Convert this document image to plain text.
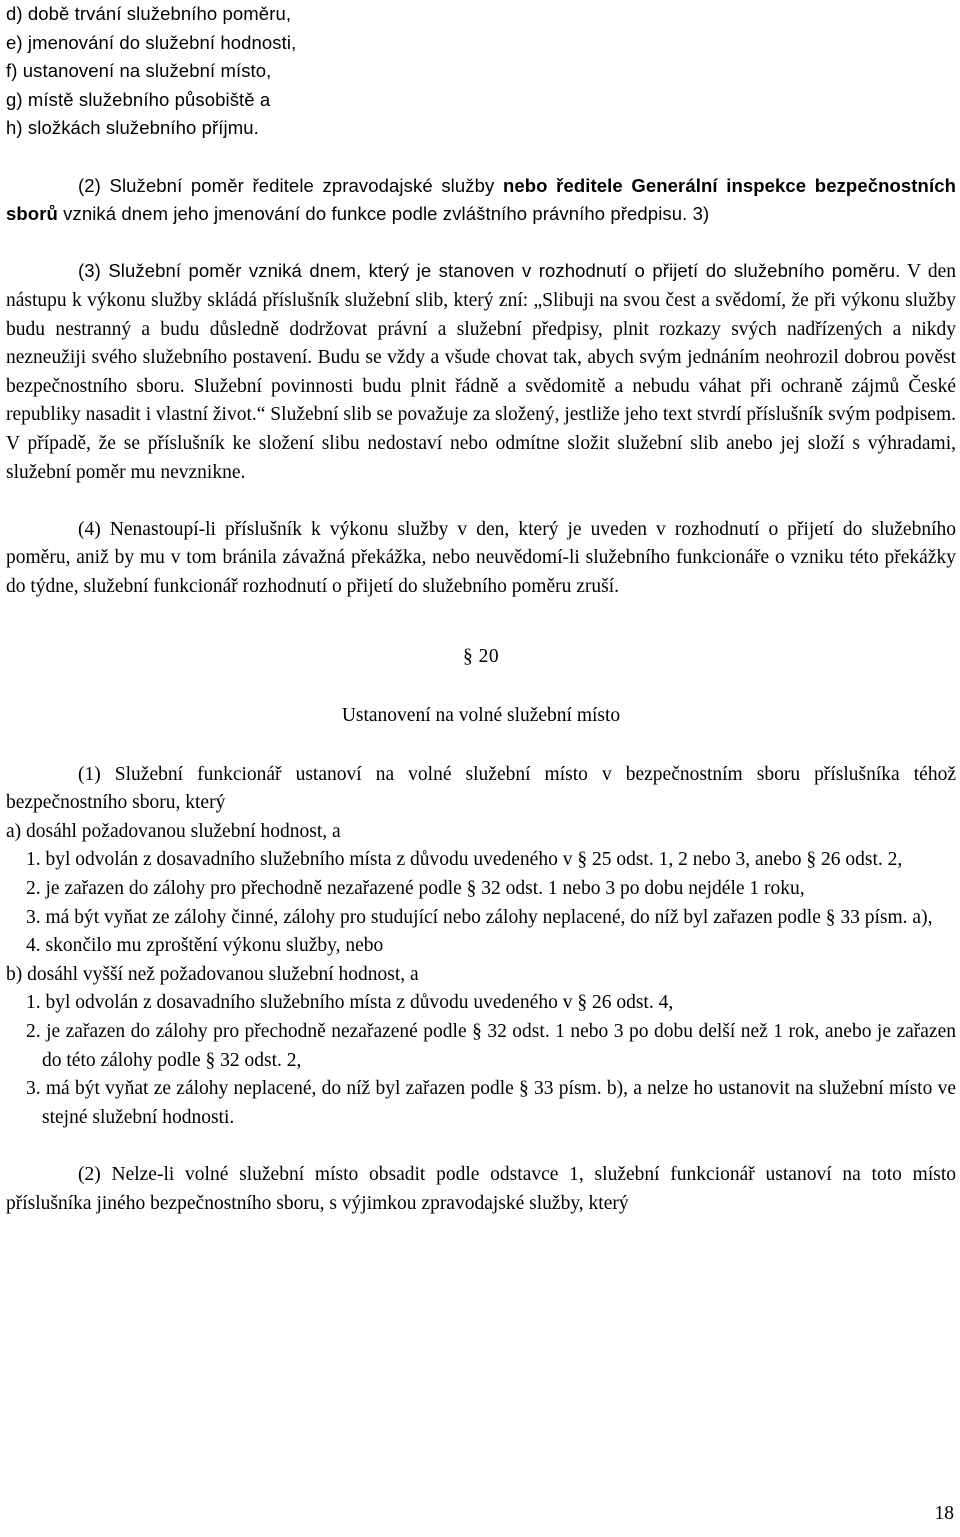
d) době trvání služebního poměru,

e) jmenování do služební hodnosti,

f) ustanovení na služební místo,

g) místě služebního působiště a

h) složkách služebního příjmu.

(2) Služební poměr ředitele zpravodajské služby nebo ředitele Generální inspekce bezpečnostních sborů vzniká dnem jeho jmenování do funkce podle zvláštního právního předpisu. 3)

(3) Služební poměr vzniká dnem, který je stanoven v rozhodnutí o přijetí do služebního poměru. V den nástupu k výkonu služby skládá příslušník služební slib, který zní: „Slibuji na svou čest a svědomí, že při výkonu služby budu nestranný a budu důsledně dodržovat právní a služební předpisy, plnit rozkazy svých nadřízených a nikdy nezneužiji svého služebního postavení. Budu se vždy a všude chovat tak, abych svým jednáním neohrozil dobrou pověst bezpečnostního sboru. Služební povinnosti budu plnit řádně a svědomitě a nebudu váhat při ochraně zájmů České republiky nasadit i vlastní život.“ Služební slib se považuje za složený, jestliže jeho text stvrdí příslušník svým podpisem. V případě, že se příslušník ke složení slibu nedostaví nebo odmítne složit služební slib anebo jej složí s výhradami, služební poměr mu nevznikne.

(4) Nenastoupí-li příslušník k výkonu služby v den, který je uveden v rozhodnutí o přijetí do služebního poměru, aniž by mu v tom bránila závažná překážka, nebo neuvědomí-li služebního funkcionáře o vzniku této překážky do týdne, služební funkcionář rozhodnutí o přijetí do služebního poměru zruší.

§ 20

Ustanovení na volné služební místo

(1) Služební funkcionář ustanoví na volné služební místo v bezpečnostním sboru příslušníka téhož bezpečnostního sboru, který

a) dosáhl požadovanou služební hodnost, a

1. byl odvolán z dosavadního služebního místa z důvodu uvedeného v § 25 odst. 1, 2 nebo 3, anebo § 26 odst. 2,

2. je zařazen do zálohy pro přechodně nezařazené podle § 32 odst. 1 nebo 3 po dobu nejdéle 1 roku,

3. má být vyňat ze zálohy činné, zálohy pro studující nebo zálohy neplacené, do níž byl zařazen podle § 33 písm. a),

4. skončilo mu zproštění výkonu služby, nebo

b) dosáhl vyšší než požadovanou služební hodnost, a

1. byl odvolán z dosavadního služebního místa z důvodu uvedeného v § 26 odst. 4,

2. je zařazen do zálohy pro přechodně nezařazené podle § 32 odst. 1 nebo 3 po dobu delší než 1 rok, anebo je zařazen do této zálohy podle § 32 odst. 2,

3. má být vyňat ze zálohy neplacené, do níž byl zařazen podle § 33 písm. b), a nelze ho ustanovit na služební místo ve stejné služební hodnosti.

(2) Nelze-li volné služební místo obsadit podle odstavce 1, služební funkcionář ustanoví na toto místo příslušníka jiného bezpečnostního sboru, s výjimkou zpravodajské služby, který

18
